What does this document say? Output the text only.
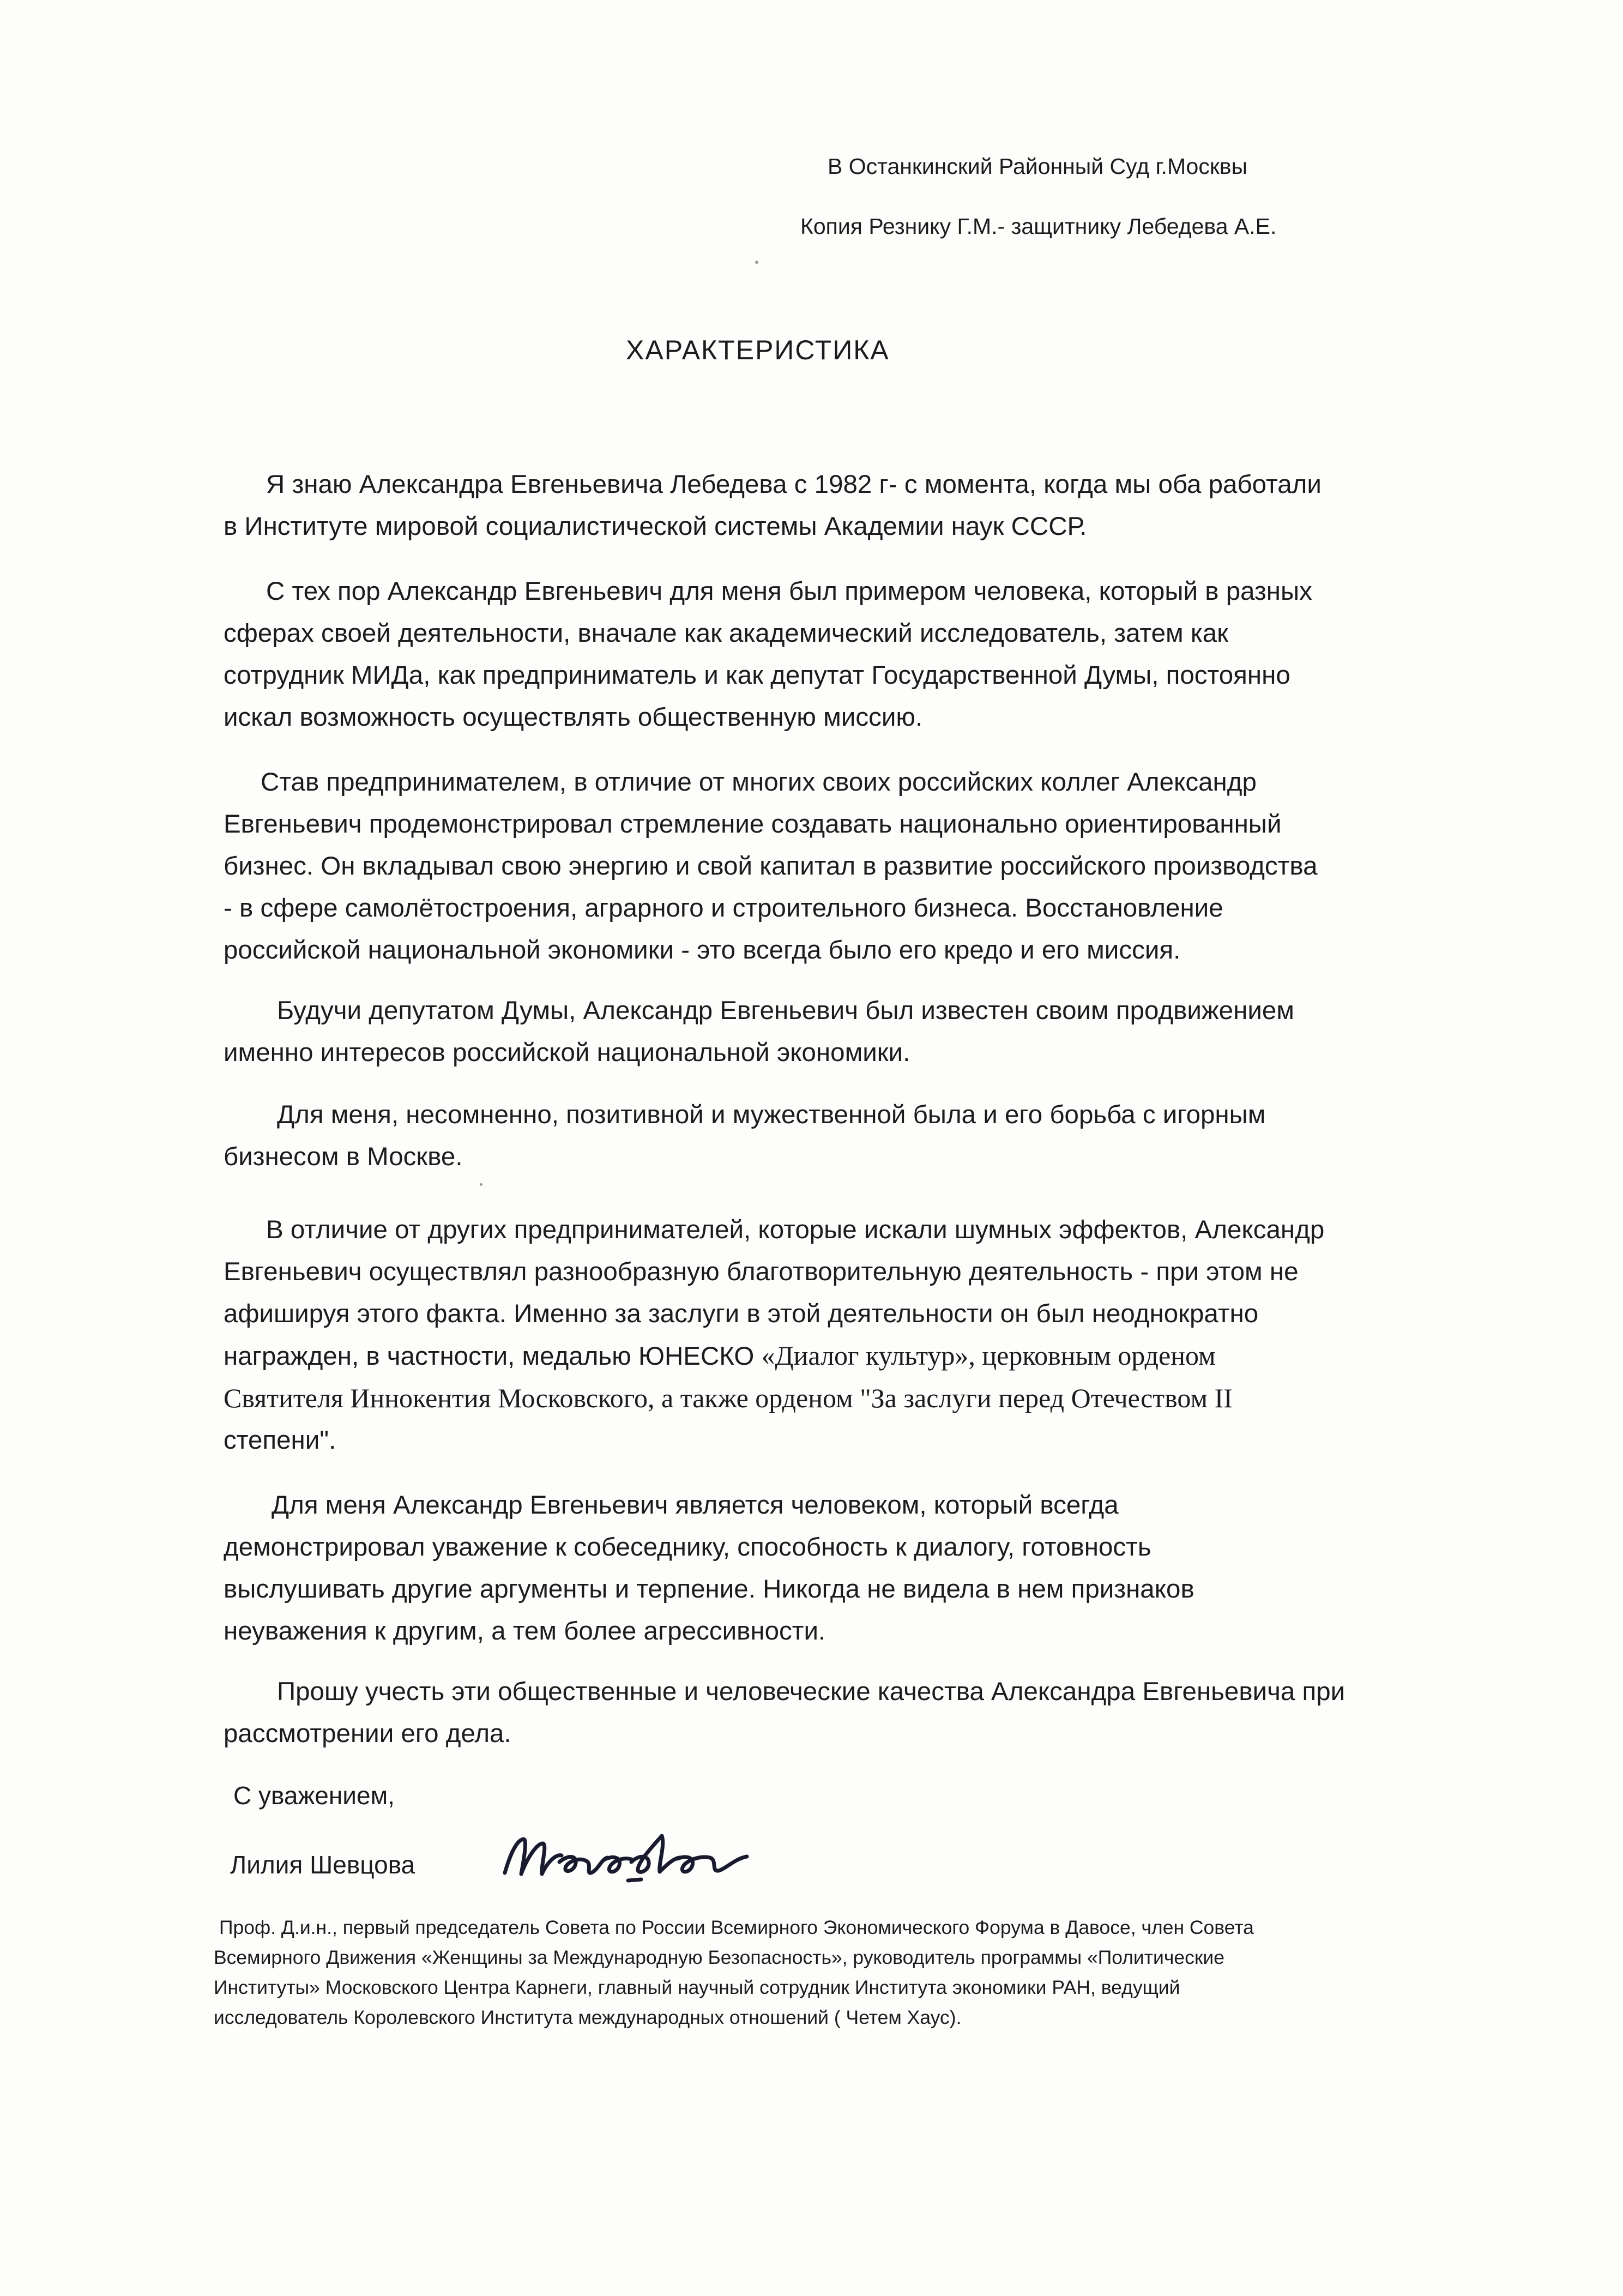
В Останкинский Районный Суд г.Москвы
Копия Резнику Г.М.- защитнику Лебедева А.Е.
ХАРАКТЕРИСТИКА
Я знаю Александра Евгеньевича Лебедева с 1982 г- с момента, когда мы оба работали
в Институте мировой социалистической системы Академии наук СССР.
С тех пор Александр Евгеньевич для меня был примером человека, который в разных
сферах своей деятельности, вначале как академический исследователь, затем как
сотрудник МИДа, как предприниматель и как депутат Государственной Думы, постоянно
искал возможность осуществлять общественную миссию.
Став предпринимателем, в отличие от многих своих российских коллег Александр
Евгеньевич продемонстрировал стремление создавать национально ориентированный
бизнес. Он вкладывал свою энергию и свой капитал в развитие российского производства
- в сфере самолётостроения, аграрного и строительного бизнеса. Восстановление
российской национальной экономики - это всегда было его кредо и его миссия.
Будучи депутатом Думы, Александр Евгеньевич был известен своим продвижением
именно интересов российской национальной экономики.
Для меня, несомненно, позитивной и мужественной была и его борьба с игорным
бизнесом в Москве.
В отличие от других предпринимателей, которые искали шумных эффектов, Александр
Евгеньевич осуществлял разнообразную благотворительную деятельность - при этом не
афишируя этого факта. Именно за заслуги в этой деятельности он был неоднократно
награжден, в частности, медалью ЮНЕСКО «Диалог культур», церковным орденом
Святителя Иннокентия Московского, а также орденом "За заслуги перед Отечеством II
степени".
Для меня Александр Евгеньевич является человеком, который всегда
демонстрировал уважение к собеседнику, способность к диалогу, готовность
выслушивать другие аргументы и терпение. Никогда не видела в нем признаков
неуважения к другим, а тем более агрессивности.
Прошу учесть эти общественные и человеческие качества Александра Евгеньевича при
рассмотрении его дела.
С уважением,
Лилия Шевцова
Проф. Д.и.н., первый председатель Совета по России Всемирного Экономического Форума в Давосе, член Совета
Всемирного Движения «Женщины за Международную Безопасность», руководитель программы «Политические
Институты» Московского Центра Карнеги, главный научный сотрудник Института экономики РАН, ведущий
исследователь Королевского Института международных отношений ( Четем Хаус).
